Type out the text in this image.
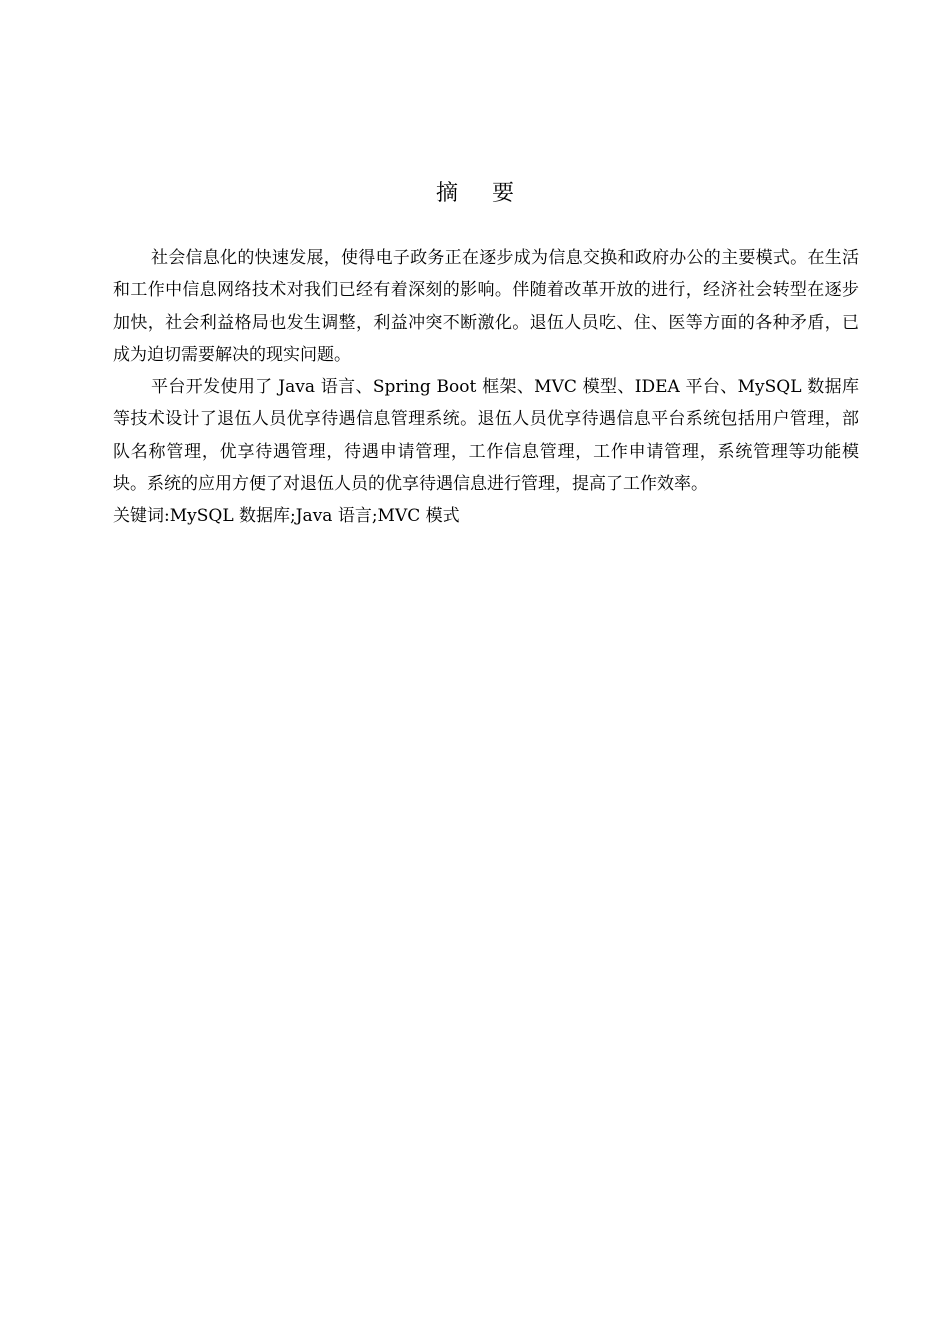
摘 要

社会信息化的快速发展，使得电子政务正在逐步成为信息交换和政府办公的主要模式。在生活和工作中信息网络技术对我们已经有着深刻的影响。伴随着改革开放的进行，经济社会转型在逐步加快，社会利益格局也发生调整，利益冲突不断激化。退伍人员吃、住、医等方面的各种矛盾，已成为迫切需要解决的现实问题。

平台开发使用了 Java 语言、Spring Boot 框架、MVC 模型、IDEA 平台、MySQL 数据库等技术设计了退伍人员优享待遇信息管理系统。退伍人员优享待遇信息平台系统包括用户管理，部队名称管理，优享待遇管理，待遇申请管理，工作信息管理，工作申请管理，系统管理等功能模块。系统的应用方便了对退伍人员的优享待遇信息进行管理，提高了工作效率。

关键词:MySQL 数据库;Java 语言;MVC 模式
